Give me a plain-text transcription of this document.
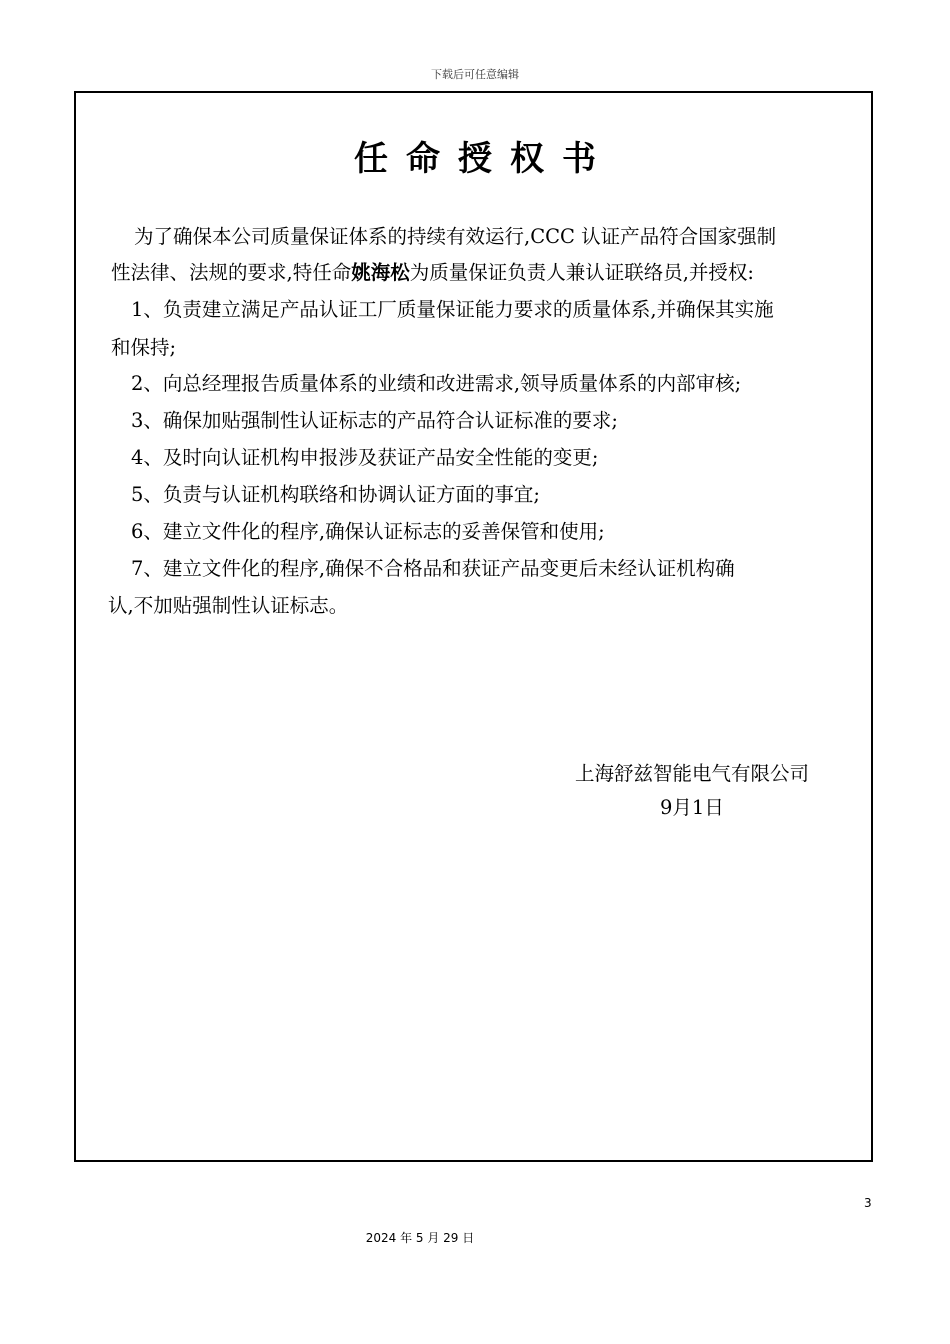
下载后可任意编辑
任命授权书
为了确保本公司质量保证体系的持续有效运行,CCC 认证产品符合国家强制
性法律、法规的要求,特任命姚海松为质量保证负责人兼认证联络员,并授权:
1、负责建立满足产品认证工厂质量保证能力要求的质量体系,并确保其实施
和保持;
2、向总经理报告质量体系的业绩和改进需求,领导质量体系的内部审核;
3、确保加贴强制性认证标志的产品符合认证标准的要求;
4、及时向认证机构申报涉及获证产品安全性能的变更;
5、负责与认证机构联络和协调认证方面的事宜;
6、建立文件化的程序,确保认证标志的妥善保管和使用;
7、建立文件化的程序,确保不合格品和获证产品变更后未经认证机构确
认,不加贴强制性认证标志。
上海舒兹智能电气有限公司
9月1日
3
2024 年 5 月 29 日
